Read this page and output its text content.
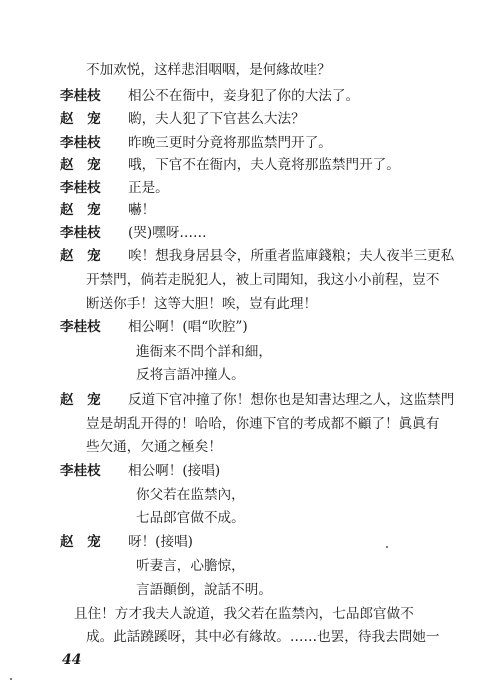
不加欢悦，这样悲泪咽咽，是何緣故哇？
李桂枝 相公不在衙中，妾身犯了你的大法了。
赵　宠 喲，夫人犯了下官甚么大法？
李桂枝 昨晚三更时分竟将那监禁門开了。
赵　宠 哦，下官不在衙内，夫人竟将那监禁門开了。
李桂枝 正是。
赵　宠 嚇！
李桂枝 (哭)嘿呀……
赵　宠 唉！想我身居县令，所重者监庫錢粮；夫人夜半三更私
开禁門，倘若走脱犯人，被上司聞知，我这小小前程，豈不
断送你手！这等大胆！唉，豈有此理！
李桂枝 相公啊！(唱“吹腔”)
進衙来不問个詳和細，
反将言語冲撞人。
赵　宠 反道下官冲撞了你！想你也是知書达理之人，这监禁門
豈是胡乱开得的！哈哈，你連下官的考成都不顧了！眞眞有
些欠通，欠通之極矣！
李桂枝 相公啊！(接唱)
你父若在监禁內，
七品郎官做不成。
赵　宠 呀！(接唱)
听妻言，心膽惊，
言語顚倒，說話不明。
且住！方才我夫人說道，我父若在监禁內，七品郎官做不
成。此話蹺蹊呀，其中必有緣故。……也罢，待我去問她一
44
